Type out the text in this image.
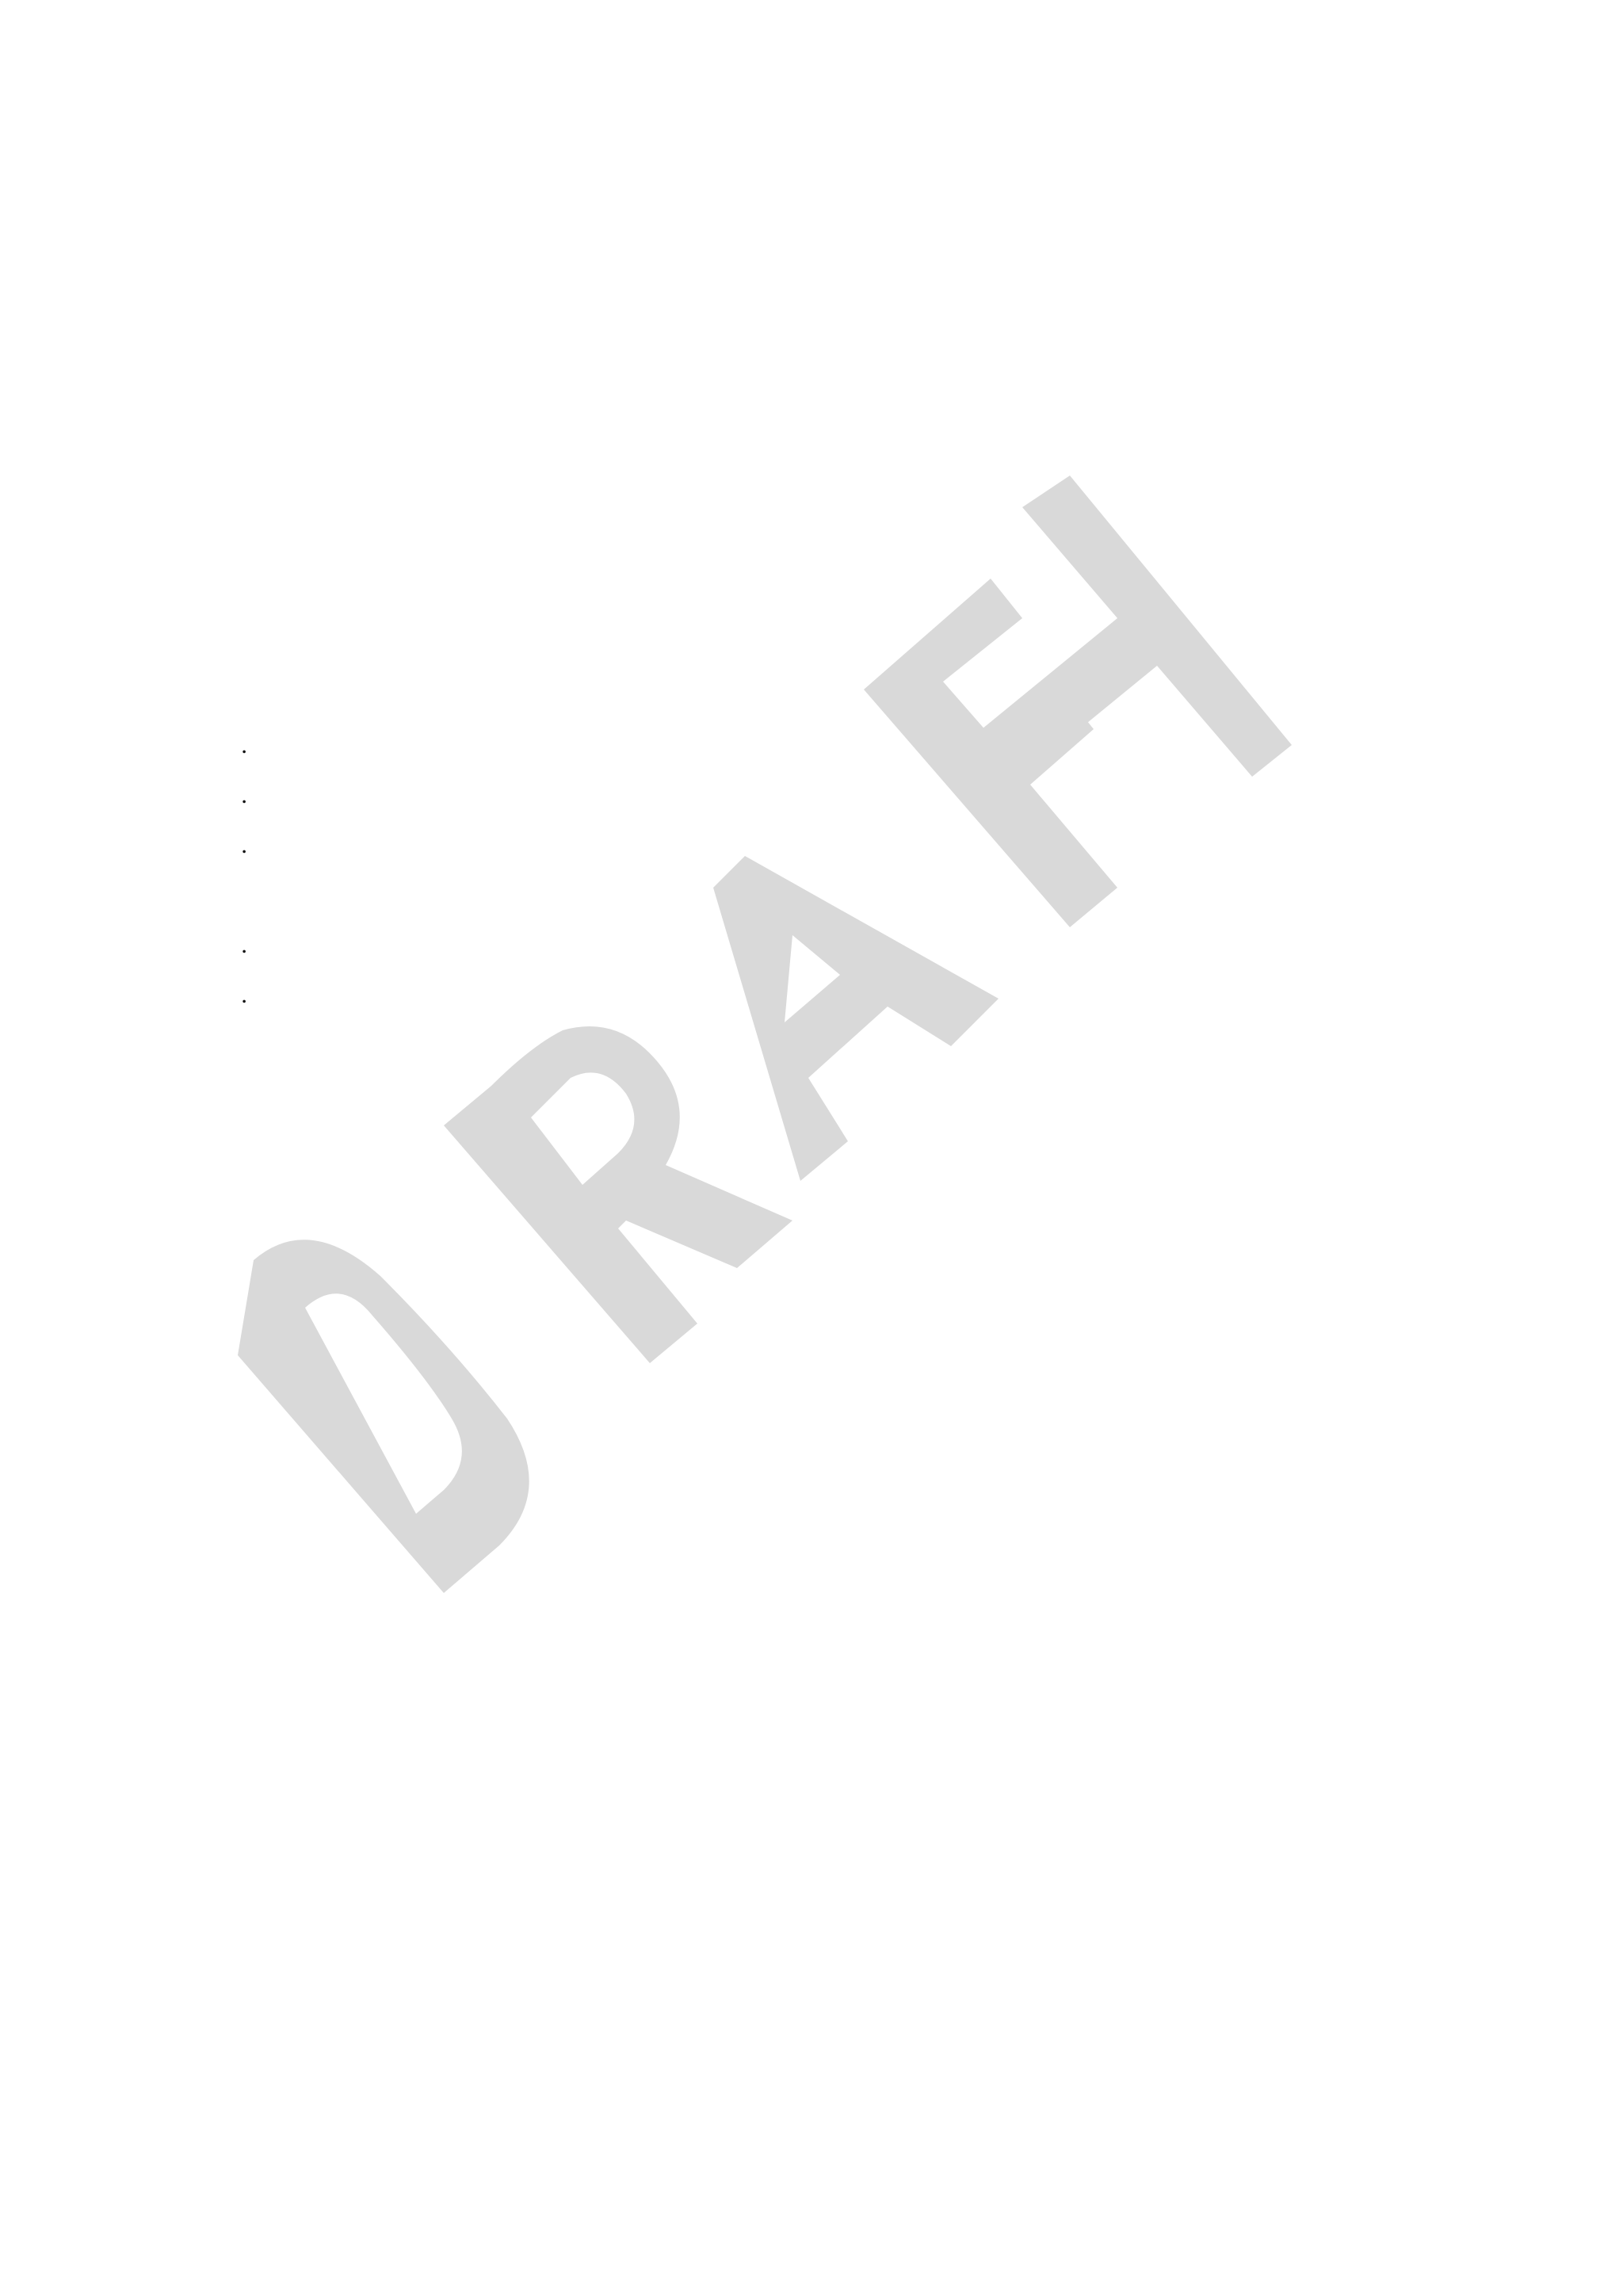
.
.
.
.
.
